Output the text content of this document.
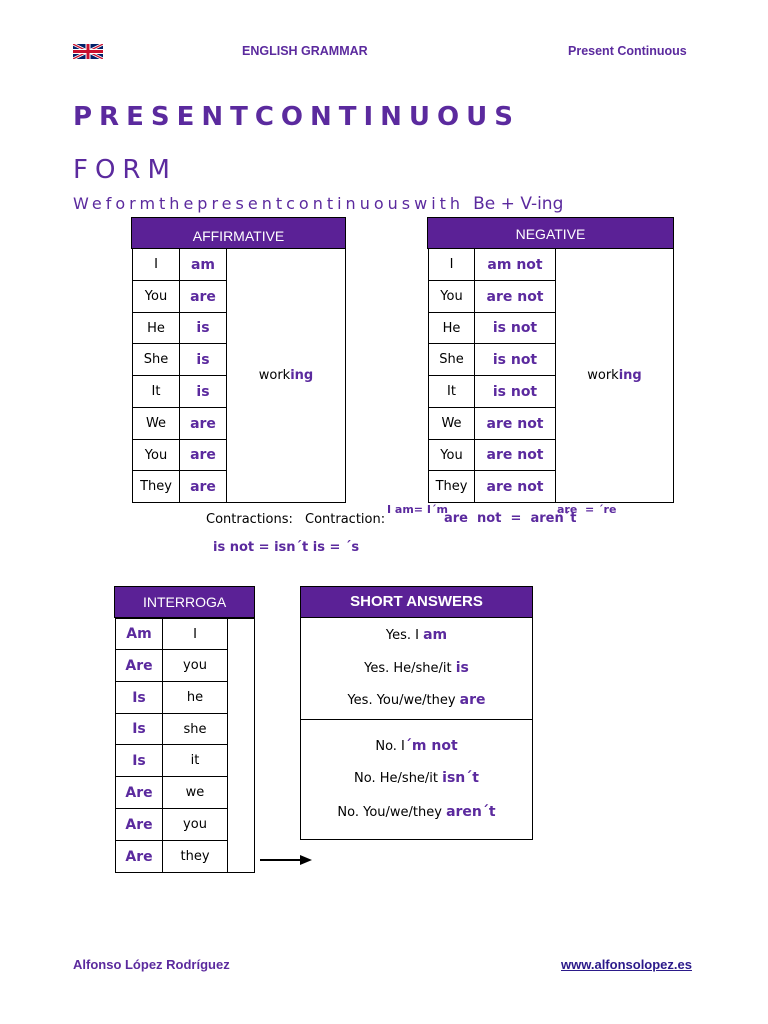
ENGLISH GRAMMAR	Present Continuous
PRESENTCONTINUOUS
FORM
Weformthepresentcontinuouswith Be + V-ing
AFFIRMATIVE
I	am	working
You	are	
He	is	
She	is	
It	is	
We	are	
You	are	
They	are	
NEGATIVE
I	am not	working
You	are not	
He	is not	
She	is not	
It	is not	
We	are not	
You	are not	
They	are not	
Contractions: Contraction:
I am= I´m
are  not  =  aren´t
are  = ´re
is not = isn´t is = ´s
INTERROGA
Am	I	
Are	you	
Is	he	
Is	she	
Is	it	
Are	we	
Are	you	
Are	they	
SHORT ANSWERS
Yes. I am
Yes. He/she/it is
Yes. You/we/they are
No. I´m not
No. He/she/it isn´t
No. You/we/they aren´t
Alfonso López Rodríguez	www.alfonsolopez.es
